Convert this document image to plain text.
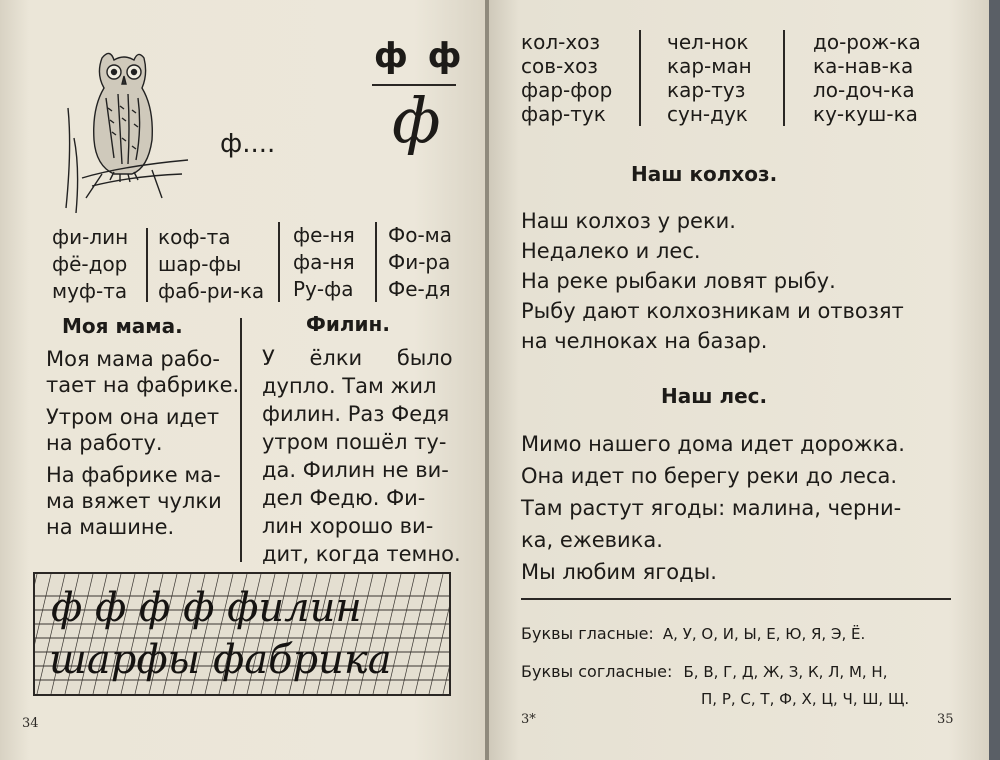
ф....
ф ф
ф
фи-лин
фё-дор
муф-та
коф-та
шар-фы
фаб-ри-ка
фе-ня
фа-ня
Ру-фа
Фо-ма
Фи-ра
Фе-дя
Моя мама.

Моя мама рабо-

тает на фабрике.

Утром она идет

на работу.

На фабрике ма-

ма вяжет чулки

на машине.

Филин.

У ёлки было

дупло. Там жил

филин. Раз Федя

утром пошёл ту-

да. Филин не ви-

дел Федю. Фи-

лин хорошо ви-

дит, когда темно.

ф ф ф ф филин
шарфы фабрика
34
кол-хоз
сов-хоз
фар-фор
фар-тук
чел-нок
кар-ман
кар-туз
сун-дук
до-рож-ка
ка-нав-ка
ло-доч-ка
ку-куш-ка
Наш колхоз.

Наш колхоз у реки.

Недалеко и лес.

На реке рыбаки ловят рыбу.

Рыбу дают колхозникам и отвозят

на челноках на базар.

Наш лес.

Мимо нашего дома идет дорожка.

Она идет по берегу реки до леса.

Там растут ягоды: малина, черни-

ка, ежевика.

Мы любим ягоды.

Буквы гласные: А, У, О, И, Ы, Е, Ю, Я, Э, Ё.
Буквы согласные: Б, В, Г, Д, Ж, З, К, Л, М, Н,
П, Р, С, Т, Ф, Х, Ц, Ч, Ш, Щ.
3*	35
